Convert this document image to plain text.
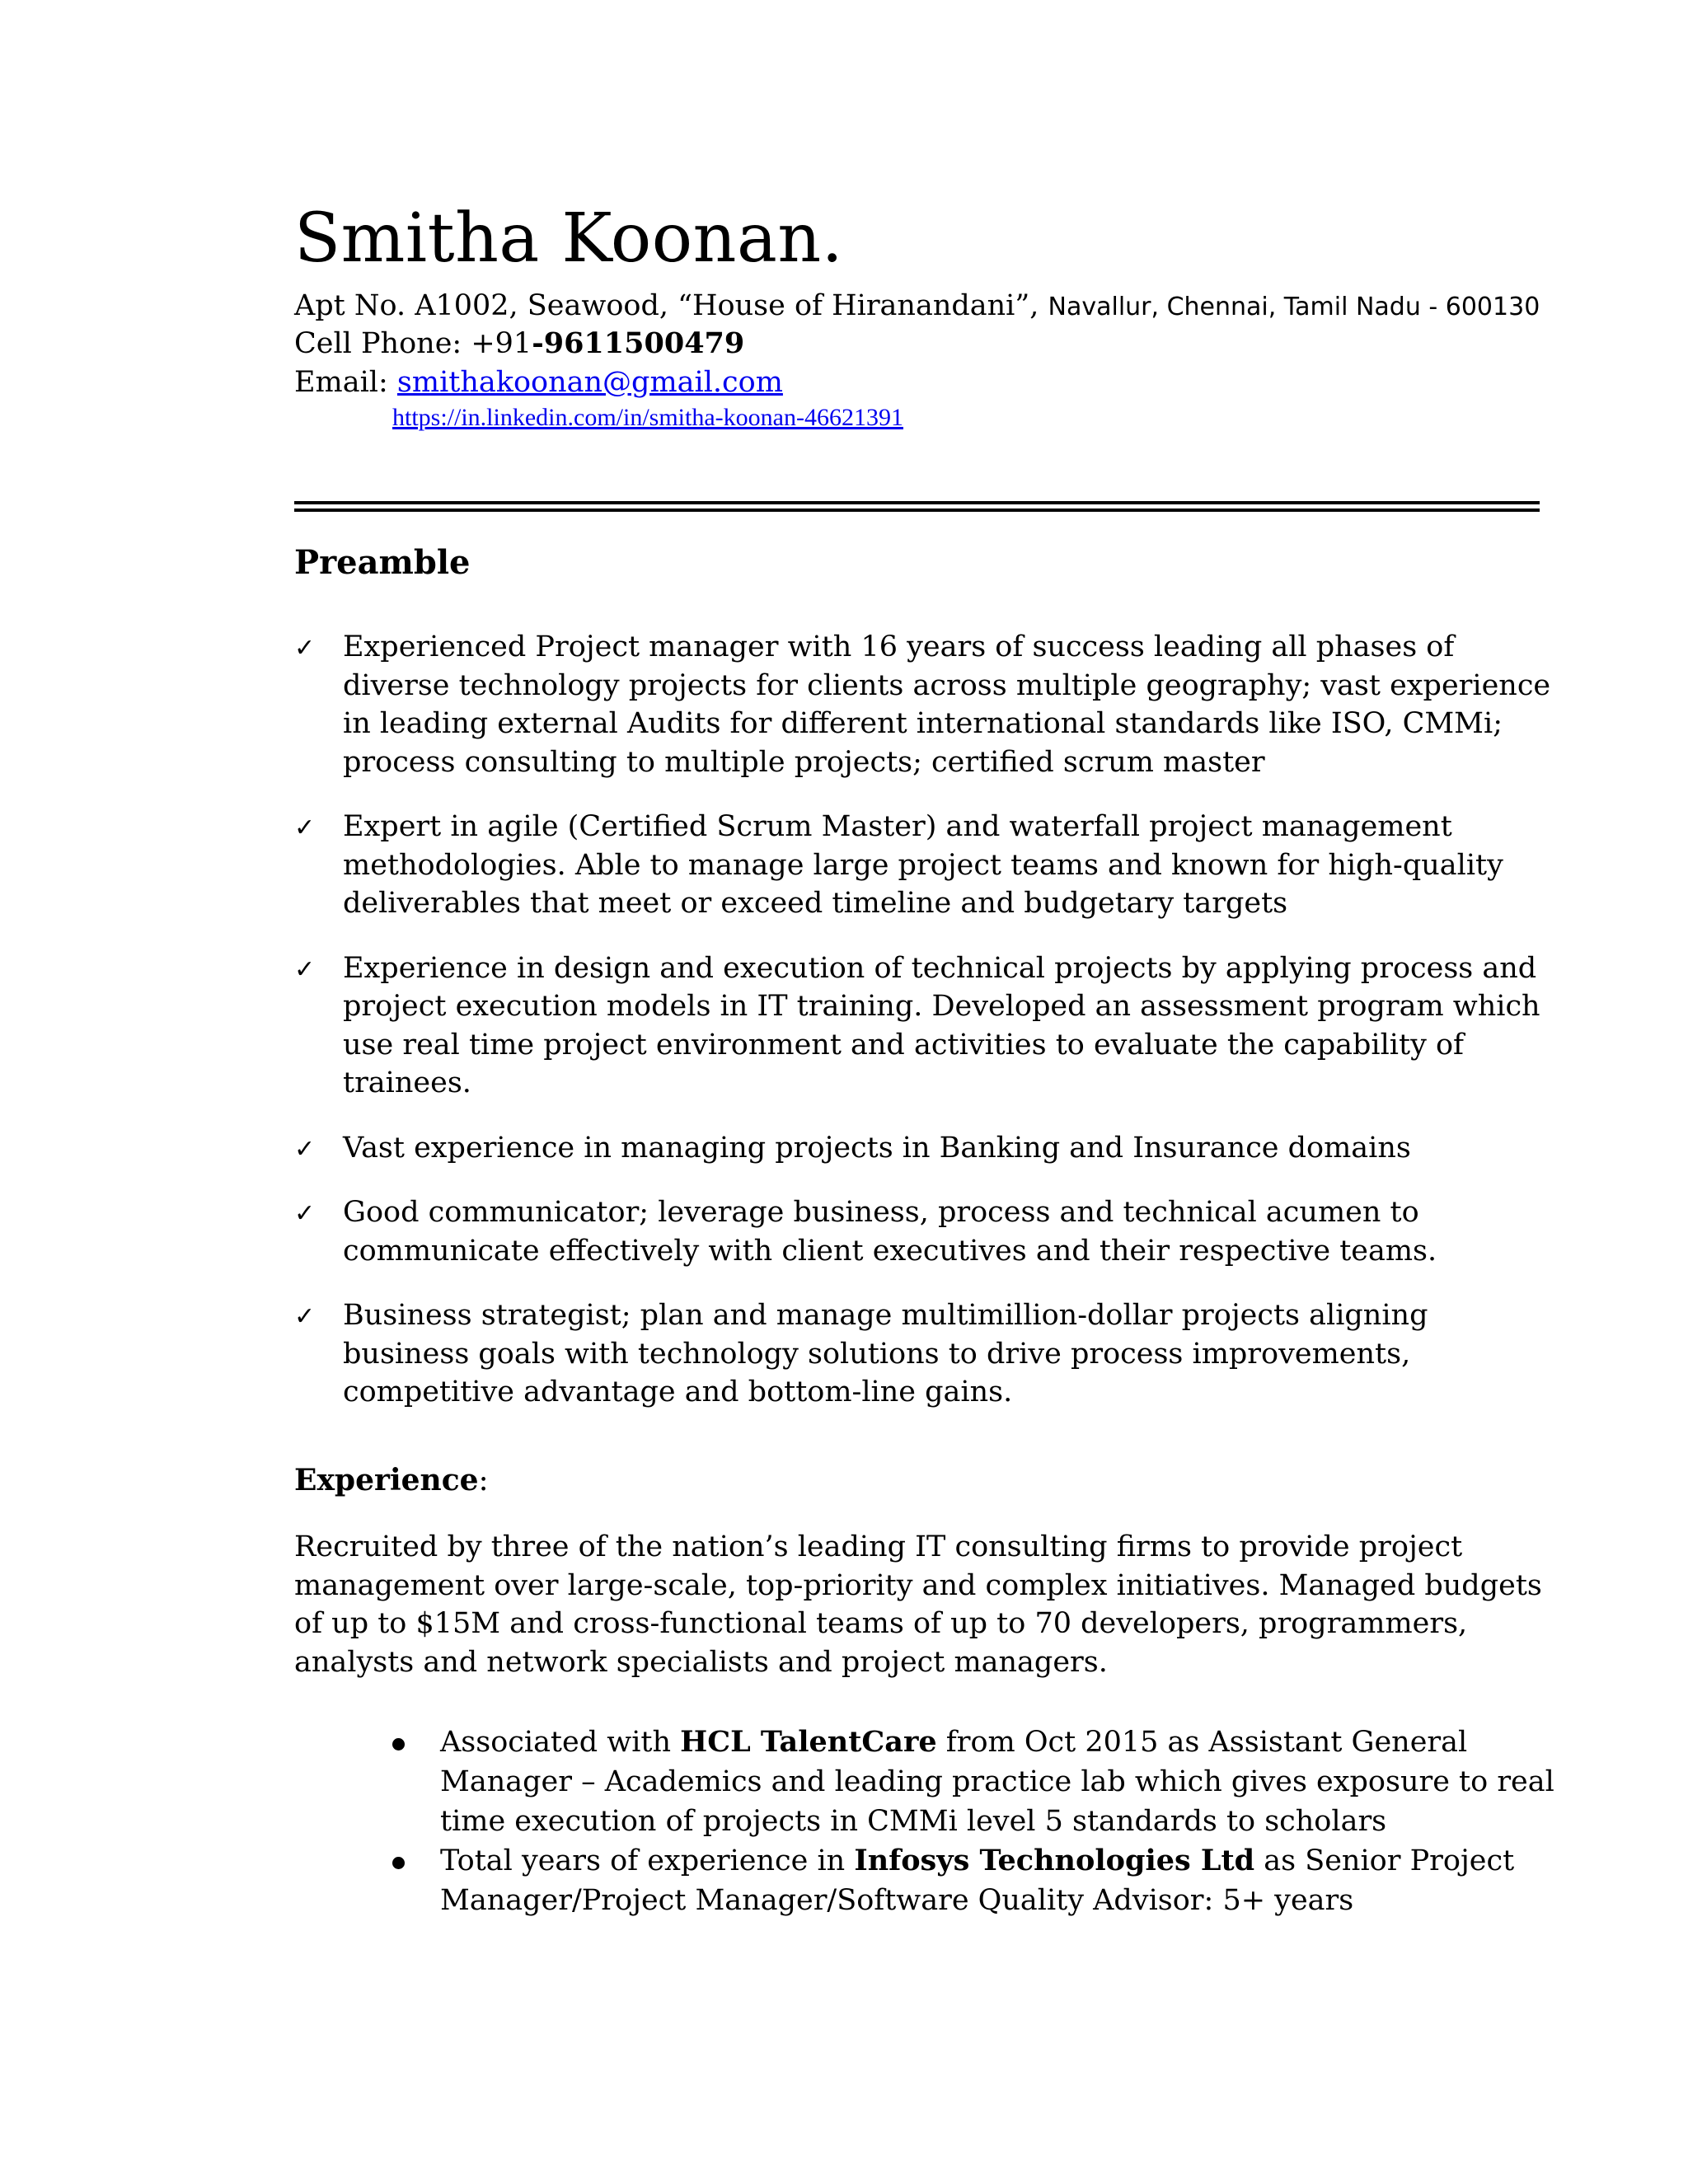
Smitha Koonan.
Apt No. A1002, Seawood, “House of Hiranandani”, Navallur, Chennai, Tamil Nadu - 600130
Cell Phone: +91-9611500479
Email: smithakoonan@gmail.com
https://in.linkedin.com/in/smitha-koonan-46621391
Preamble
✓ Experienced Project manager with 16 years of success leading all phases of diverse technology projects for clients across multiple geography; vast experience in leading external Audits for different international standards like ISO, CMMi; process consulting to multiple projects; certified scrum master
✓ Expert in agile (Certified Scrum Master) and waterfall project management methodologies. Able to manage large project teams and known for high-quality deliverables that meet or exceed timeline and budgetary targets
✓ Experience in design and execution of technical projects by applying process and project execution models in IT training. Developed an assessment program which use real time project environment and activities to evaluate the capability of trainees.
✓ Vast experience in managing projects in Banking and Insurance domains
✓ Good communicator; leverage business, process and technical acumen to communicate effectively with client executives and their respective teams.
✓ Business strategist; plan and manage multimillion-dollar projects aligning business goals with technology solutions to drive process improvements, competitive advantage and bottom-line gains.
Experience:

Recruited by three of the nation’s leading IT consulting firms to provide project management over large-scale, top-priority and complex initiatives. Managed budgets of up to $15M and cross-functional teams of up to 70 developers, programmers, analysts and network specialists and project managers.

Associated with HCL TalentCare from Oct 2015 as Assistant General Manager – Academics and leading practice lab which gives exposure to real time execution of projects in CMMi level 5 standards to scholars
Total years of experience in Infosys Technologies Ltd as Senior Project Manager/Project Manager/Software Quality Advisor: 5+ years
